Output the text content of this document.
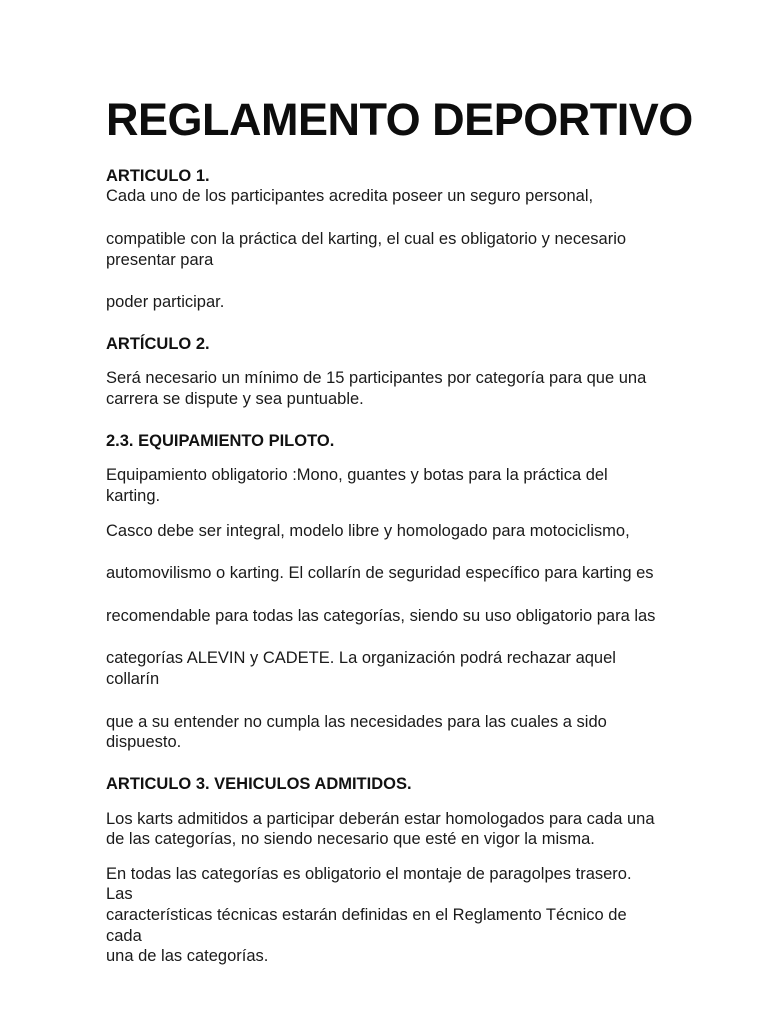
REGLAMENTO DEPORTIVO

ARTICULO 1.

Cada uno de los participantes acredita poseer un seguro personal,

compatible con la práctica del karting, el cual es obligatorio y necesario

presentar para

poder participar.

ARTÍCULO 2.

Será necesario un mínimo de 15 participantes por categoría para que una

carrera se dispute y sea puntuable.

2.3. EQUIPAMIENTO PILOTO.

Equipamiento obligatorio :Mono, guantes y botas para la práctica del

karting.

Casco debe ser integral, modelo libre y homologado para motociclismo,

automovilismo o karting. El collarín de seguridad específico para karting es

recomendable para todas las categorías, siendo su uso obligatorio para las

categorías ALEVIN y CADETE. La organización podrá rechazar aquel collarín

que a su entender no cumpla las necesidades para las cuales a sido

dispuesto.

ARTICULO 3. VEHICULOS ADMITIDOS.

Los karts admitidos a participar deberán estar homologados para cada una

de las categorías, no siendo necesario que esté en vigor la misma.

En todas las categorías es obligatorio el montaje de paragolpes trasero. Las

características técnicas estarán definidas en el Reglamento Técnico de cada

una de las categorías.
